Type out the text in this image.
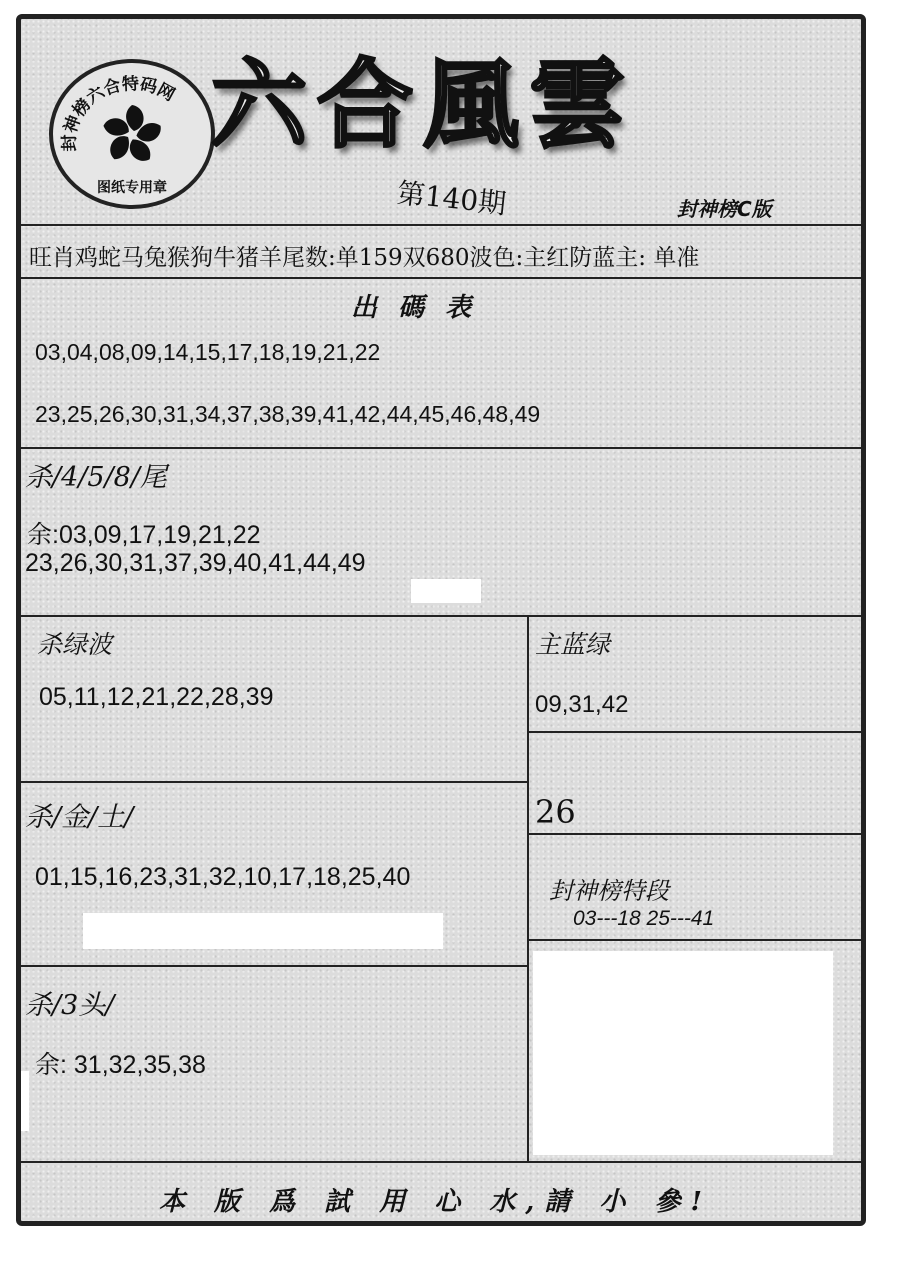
封神榜六合特码网
图纸专用章
六合風雲
第140期	封神榜C版
旺肖鸡蛇马兔猴狗牛猪羊尾数:单159双680波色:主红防蓝主: 单准
出 碼 表
03,04,08,09,14,15,17,18,19,21,22
23,25,26,30,31,34,37,38,39,41,42,44,45,46,48,49
杀/4/5/8/尾
余:03,09,17,19,21,22
23,26,30,31,37,39,40,41,44,49
杀绿波
05,11,12,21,22,28,39
杀/金/土/
01,15,16,23,31,32,10,17,18,25,40
杀/3头/
余: 31,32,35,38
主蓝绿
09,31,42
26
封神榜特段
03---18 25---41
本 版 爲 試 用 心 水,請 小 參!
